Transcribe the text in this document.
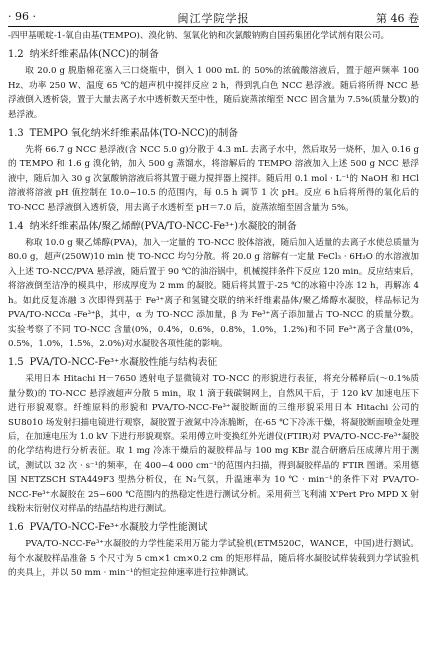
· 96 ·	闽江学院学报	第 46 卷

-四甲基哌啶-1-氧自由基(TEMPO)、溴化钠、氢氧化钠和次氯酸钠购自国药集团化学试剂有限公司。

1.2 纳米纤维素晶体(NCC)的制备

取 20.0 g 脱脂棉花塞入三口烧瓶中，倒入 1 000 mL 的 50%的浓硫酸溶液后，置于超声频率 100 Hz、功率 250 W、温度 65 ℃的超声机中搅拌反应 2 h，得到乳白色 NCC 悬浮液。随后将所得 NCC 悬浮液倒入透析袋，置于大量去离子水中透析数天至中性，随后旋蒸浓缩至 NCC 固含量为 7.5%(质量分数)的悬浮液。

1.3 TEMPO 氧化纳米纤维素晶体(TO-NCC)的制备

先将 66.7 g NCC 悬浮液(含 NCC 5.0 g)分散于 4.3 mL 去离子水中，然后取另一烧杯，加入 0.16 g 的 TEMPO 和 1.6 g 溴化钠，加入 500 g 蒸馏水，将溶解后的 TEMPO 溶液加入上述 500 g NCC 悬浮液中，随后加入 30 g 次氯酸钠溶液后将其置于磁力搅拌器上搅拌。随后用 0.1 mol · L⁻¹的 NaOH 和 HCl 溶液将溶液 pH 值控制在 10.0~10.5 的范围内，每 0.5 h 调节 1 次 pH。反应 6 h后将所得的氧化后的 TO-NCC 悬浮液倒入透析袋，用去离子水透析至 pH＝7.0 后，旋蒸浓缩至固含量为 5%。

1.4 纳米纤维素晶体/聚乙烯醇(PVA/TO-NCC-Fe³⁺)水凝胶的制备

称取 10.0 g 聚乙烯醇(PVA)，加入一定量的 TO-NCC 胶体溶液，随后加入适量的去离子水使总质量为 80.0 g，超声(250W)10 min 使 TO-NCC 均匀分散。将 20.0 g 溶解有一定量 FeCl₃ · 6H₂O 的水溶液加入上述 TO-NCC/PVA 悬浮液，随后置于 90 ℃的油浴锅中，机械搅拌条件下反应 120 min。反应结束后，将溶液倒至洁净的模具中，形成厚度为 2 mm 的凝胶。随后将其置于-25 ℃的冰箱中冷冻 12 h，再解冻 4 h。如此反复冻融 3 次即得到基于 Fe³⁺离子和氢键交联的纳米纤维素晶体/聚乙烯醇水凝胶，样品标记为 PVA/TO-NCCα -Fe³⁺β，其中，α 为 TO-NCC 添加量，β 为 Fe³⁺离子添加量占 TO-NCC 的质量分数。实验考察了不同 TO-NCC 含量(0%，0.4%，0.6%，0.8%，1.0%，1.2%)和不同 Fe³⁺离子含量(0%，0.5%，1.0%，1.5%，2.0%)对水凝胶各项性能的影响。

1.5 PVA/TO-NCC-Fe³⁺水凝胶性能与结构表征

采用日本 Hitachi H－7650 透射电子显微镜对 TO-NCC 的形貌进行表征，将充分稀释后(～0.1%质量分数)的 TO-NCC 悬浮液超声分散 5 min，取 1 滴于载碳铜网上，自然风干后，于 120 kV 加速电压下进行形貌观察。纤维原料的形貌和 PVA/TO-NCC-Fe³⁺凝胶断面的三维形貌采用日本 Hitachi 公司的 SU8010 场发射扫描电镜进行观察，凝胶置于液氮中冷冻脆断，在-65 ℃下冷冻干燥，将凝胶断面喷金处理后，在加速电压为 1.0 kV 下进行形貌观察。采用傅立叶变换红外光谱仪(FTIR)对 PVA/TO-NCC-Fe³⁺凝胶的化学结构进行分析表征。取 1 mg 冷冻干燥后的凝胶样品与 100 mg KBr 混合研磨后压成薄片用于测试，测试以 32 次 · s⁻¹的频率，在 400~4 000 cm⁻¹的范围内扫描，得到凝胶样品的 FTIR 图谱。采用德国 NETZSCH STA449F3 型热分析仪，在 N₂气氛，升温速率为 10 ℃ · min⁻¹的条件下对 PVA/TO-NCC-Fe³⁺水凝胶在 25~600 ℃范围内的热稳定性进行测试分析。采用荷兰飞利浦 X'Pert Pro MPD X 射线粉末衍射仪对样品的结晶结构进行测试。

1.6 PVA/TO-NCC-Fe³⁺水凝胶力学性能测试

PVA/TO-NCC-Fe³⁺水凝胶的力学性能采用万能力学试验机(ETM520C，WANCE，中国)进行测试。每个水凝胶样品准备 5 个尺寸为 5 cm×1 cm×0.2 cm 的矩形样品，随后将水凝胶试样装载到力学试验机的夹具上，并以 50 mm · min⁻¹的恒定拉伸速率进行拉伸测试。
